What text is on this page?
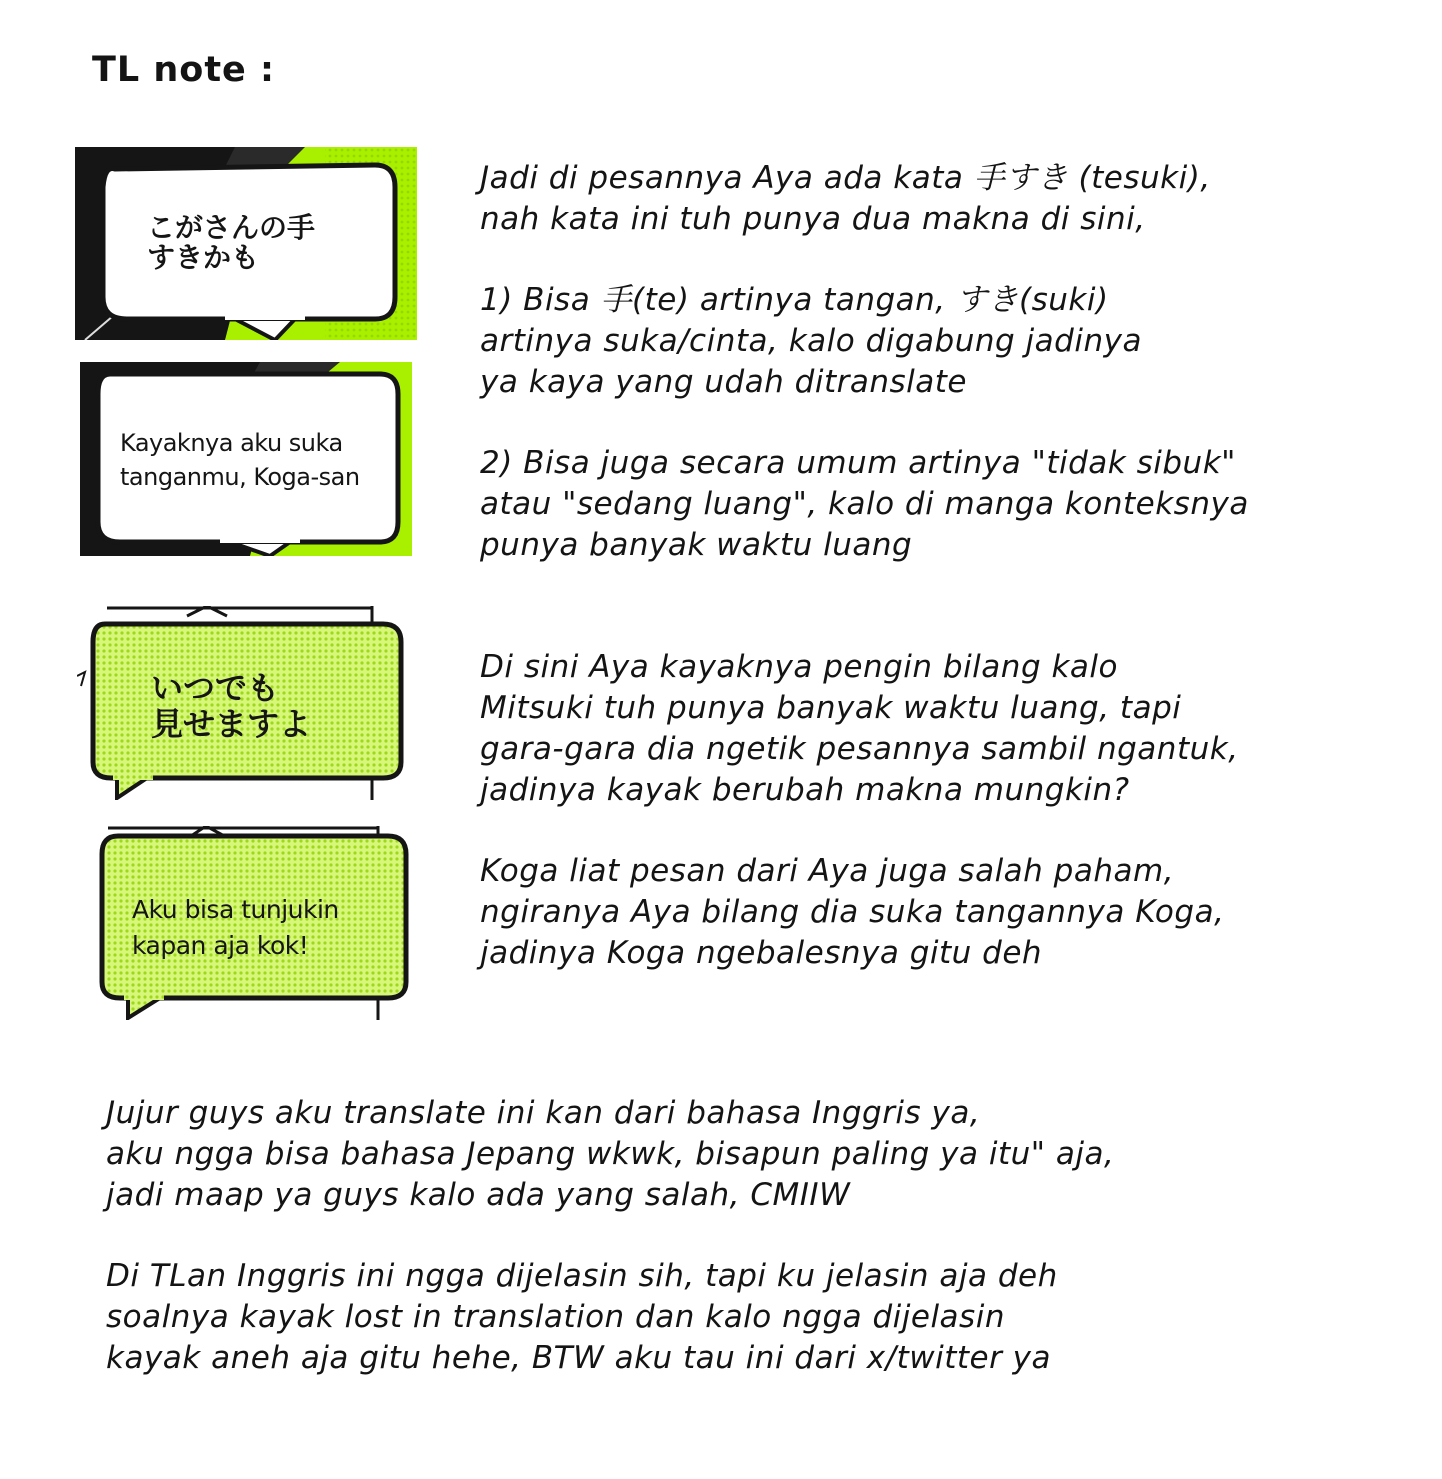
TL note :
こがさんの手
すきかも
Kayaknya aku suka
tanganmu, Koga-san
いつでも
見せますよ
Aku bisa tunjukin
kapan aja kok!
Jadi di pesannya Aya ada kata 手すき (tesuki),
nah kata ini tuh punya dua makna di sini,
1) Bisa 手(te) artinya tangan, すき(suki)
artinya suka/cinta, kalo digabung jadinya
ya kaya yang udah ditranslate
2) Bisa juga secara umum artinya "tidak sibuk"
atau "sedang luang", kalo di manga konteksnya
punya banyak waktu luang
Di sini Aya kayaknya pengin bilang kalo
Mitsuki tuh punya banyak waktu luang, tapi
gara-gara dia ngetik pesannya sambil ngantuk,
jadinya kayak berubah makna mungkin?
Koga liat pesan dari Aya juga salah paham,
ngiranya Aya bilang dia suka tangannya Koga,
jadinya Koga ngebalesnya gitu deh
Jujur guys aku translate ini kan dari bahasa Inggris ya,
aku ngga bisa bahasa Jepang wkwk, bisapun paling ya itu" aja,
jadi maap ya guys kalo ada yang salah, CMIIW
Di TLan Inggris ini ngga dijelasin sih, tapi ku jelasin aja deh
soalnya kayak lost in translation dan kalo ngga dijelasin
kayak aneh aja gitu hehe, BTW aku tau ini dari x/twitter ya
